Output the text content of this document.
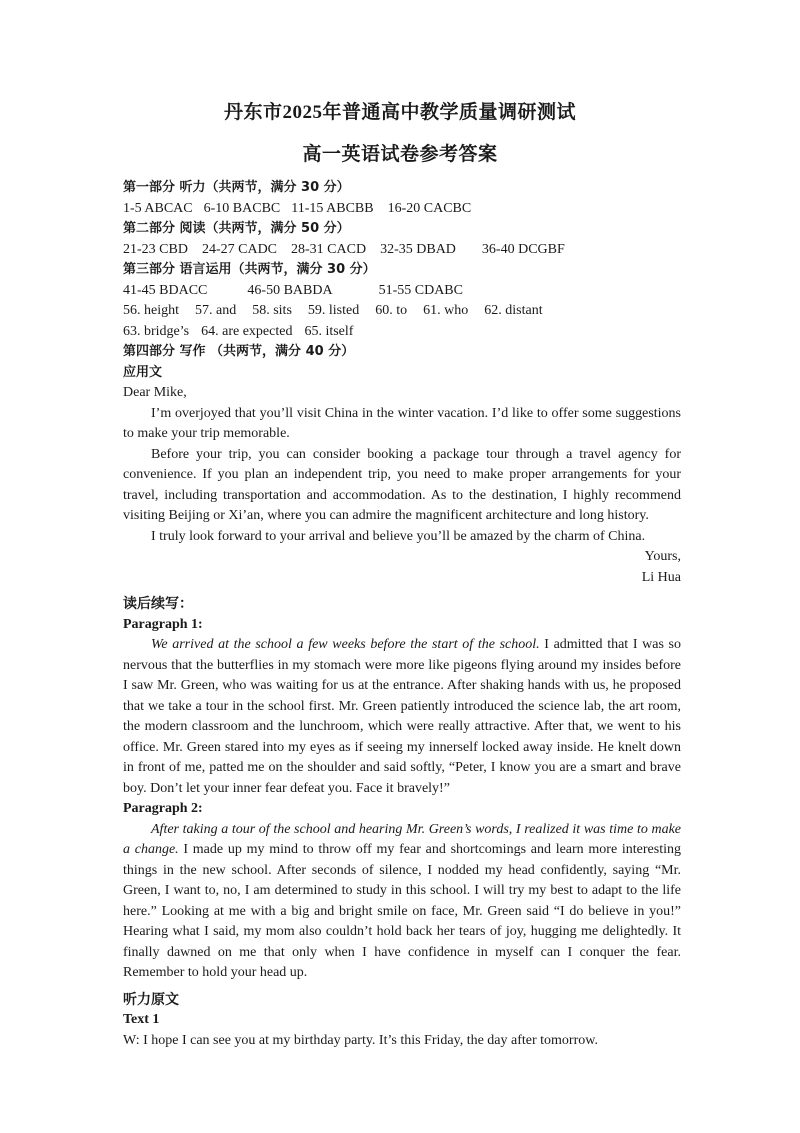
丹东市2025年普通高中教学质量调研测试
高一英语试卷参考答案
第一部分 听力（共两节，满分 30 分）
1-5 ABCAC 6-10 BACBC 11-15 ABCBB 16-20 CACBC
第二部分 阅读（共两节，满分 50 分）
21-23 CBD 24-27 CADC 28-31 CACD 32-35 DBAD 36-40 DCGBF
第三部分 语言运用（共两节，满分 30 分）
41-45 BDACC	46-50 BABDA	51-55 CDABC
56. height 57. and 58. sits 59. listed 60. to 61. who 62. distant
63. bridge’s 64. are expected 65. itself
第四部分 写作 （共两节，满分 40 分）
应用文

Dear Mike,

I’m overjoyed that you’ll visit China in the winter vacation. I’d like to offer some suggestions to make your trip memorable.

Before your trip, you can consider booking a package tour through a travel agency for convenience. If you plan an independent trip, you need to make proper arrangements for your travel, including transportation and accommodation. As to the destination, I highly recommend visiting Beijing or Xi’an, where you can admire the magnificent architecture and long history.

I truly look forward to your arrival and believe you’ll be amazed by the charm of China.

Yours,

Li Hua

读后续写：

Paragraph 1:

We arrived at the school a few weeks before the start of the school. I admitted that I was so nervous that the butterflies in my stomach were more like pigeons flying around my insides before I saw Mr. Green, who was waiting for us at the entrance. After shaking hands with us, he proposed that we take a tour in the school first. Mr. Green patiently introduced the science lab, the art room, the modern classroom and the lunchroom, which were really attractive. After that, we went to his office. Mr. Green stared into my eyes as if seeing my innerself locked away inside. He knelt down in front of me, patted me on the shoulder and said softly, “Peter, I know you are a smart and brave boy. Don’t let your inner fear defeat you. Face it bravely!”

Paragraph 2:

After taking a tour of the school and hearing Mr. Green’s words, I realized it was time to make a change. I made up my mind to throw off my fear and shortcomings and learn more interesting things in the new school. After seconds of silence, I nodded my head confidently, saying “Mr. Green, I want to, no, I am determined to study in this school. I will try my best to adapt to the life here.” Looking at me with a big and bright smile on face, Mr. Green said “I do believe in you!” Hearing what I said, my mom also couldn’t hold back her tears of joy, hugging me delightedly. It finally dawned on me that only when I have confidence in myself can I conquer the fear. Remember to hold your head up.

听力原文

Text 1

W: I hope I can see you at my birthday party. It’s this Friday, the day after tomorrow.
